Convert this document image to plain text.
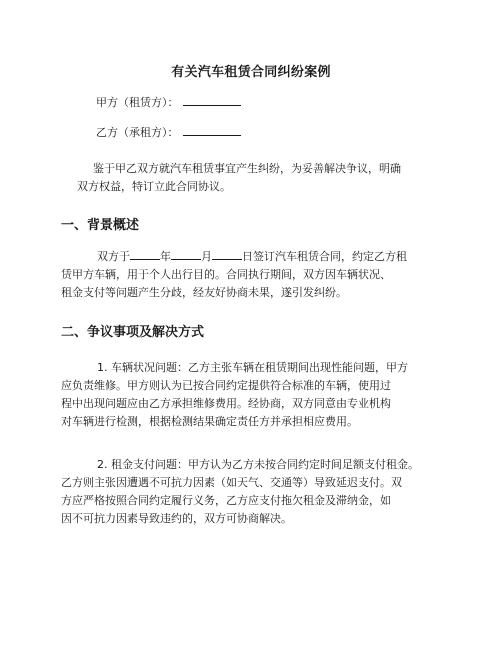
有关汽车租赁合同纠纷案例
甲方（租赁方）：
乙方（承租方）：
鉴于甲乙双方就汽车租赁事宜产生纠纷，为妥善解决争议，明确
双方权益，特订立此合同协议。
一、背景概述
双方于	年	月	日签订汽车租赁合同，约定乙方租
赁甲方车辆，用于个人出行目的。合同执行期间，双方因车辆状况、
租金支付等问题产生分歧，经友好协商未果，遂引发纠纷。
二、争议事项及解决方式
1. 车辆状况问题：乙方主张车辆在租赁期间出现性能问题，甲方
应负责维修。甲方则认为已按合同约定提供符合标准的车辆，使用过
程中出现问题应由乙方承担维修费用。经协商，双方同意由专业机构
对车辆进行检测，根据检测结果确定责任方并承担相应费用。
2. 租金支付问题：甲方认为乙方未按合同约定时间足额支付租金。
乙方则主张因遭遇不可抗力因素（如天气、交通等）导致延迟支付。双
方应严格按照合同约定履行义务，乙方应支付拖欠租金及滞纳金，如
因不可抗力因素导致违约的，双方可协商解决。
